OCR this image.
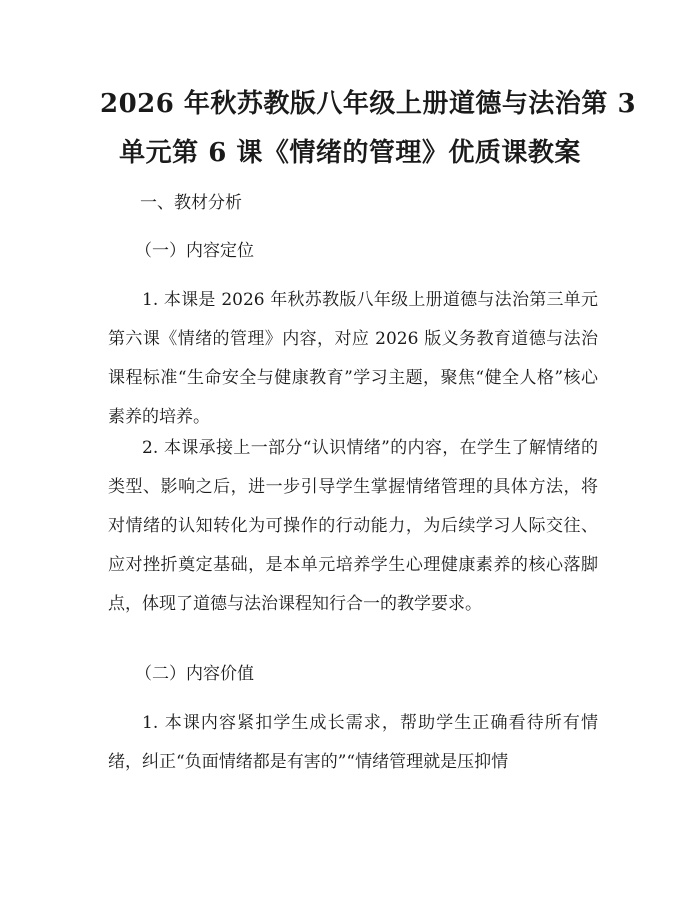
2026 年秋苏教版八年级上册道德与法治第 3
单元第 6 课《情绪的管理》优质课教案
一、教材分析
（一）内容定位

1. 本课是 2026 年秋苏教版八年级上册道德与法治第三单元第六课《情绪的管理》内容，对应 2026 版义务教育道德与法治课程标准“生命安全与健康教育”学习主题，聚焦“健全人格”核心素养的培养。

2. 本课承接上一部分“认识情绪”的内容，在学生了解情绪的类型、影响之后，进一步引导学生掌握情绪管理的具体方法，将对情绪的认知转化为可操作的行动能力，为后续学习人际交往、应对挫折奠定基础，是本单元培养学生心理健康素养的核心落脚点，体现了道德与法治课程知行合一的教学要求。

（二）内容价值

1. 本课内容紧扣学生成长需求，帮助学生正确看待所有情绪，纠正“负面情绪都是有害的”“情绪管理就是压抑情
